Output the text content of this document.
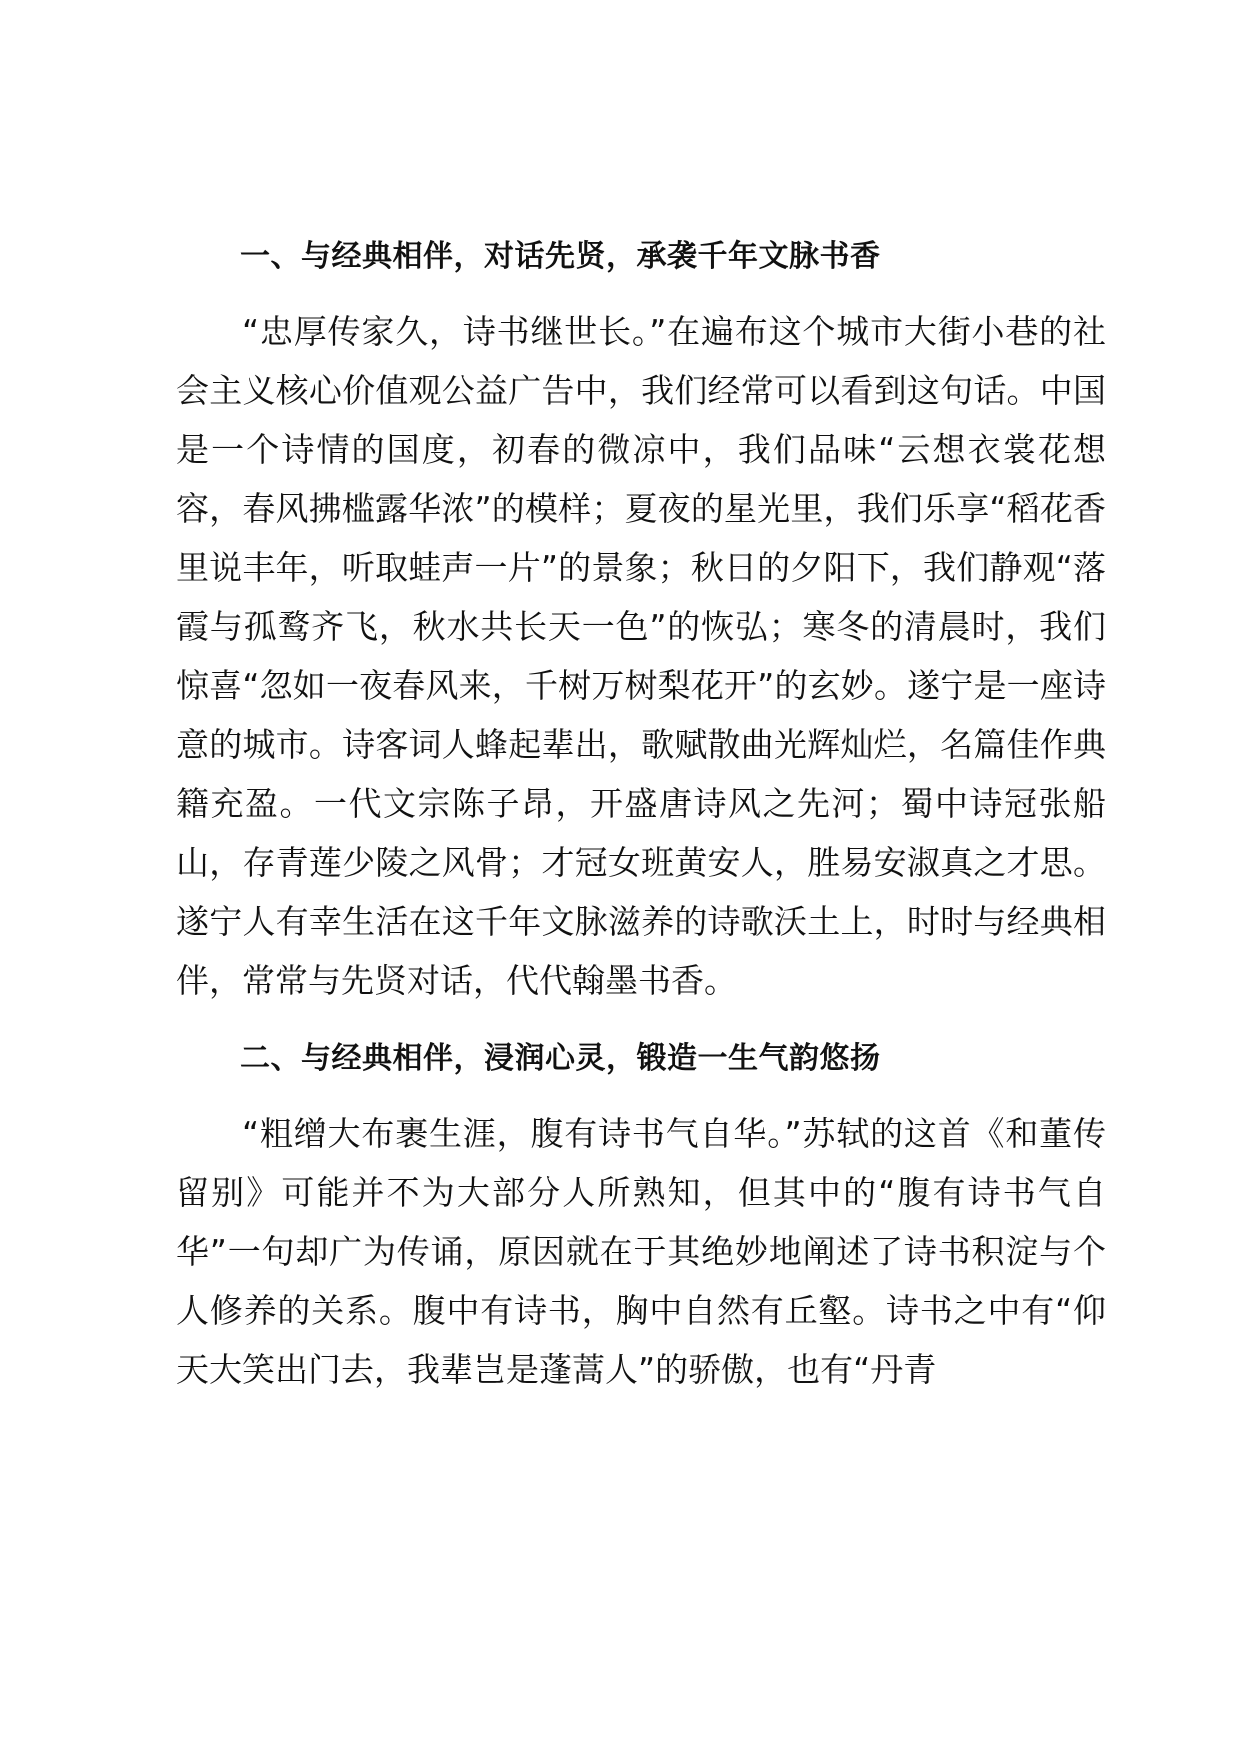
一、与经典相伴，对话先贤，承袭千年文脉书香

“忠厚传家久，诗书继世长。”在遍布这个城市大街小巷的社会主义核心价值观公益广告中，我们经常可以看到这句话。中国是一个诗情的国度，初春的微凉中，我们品味“云想衣裳花想容，春风拂槛露华浓”的模样；夏夜的星光里，我们乐享“稻花香里说丰年，听取蛙声一片”的景象；秋日的夕阳下，我们静观“落霞与孤鹜齐飞，秋水共长天一色”的恢弘；寒冬的清晨时，我们惊喜“忽如一夜春风来，千树万树梨花开”的玄妙。遂宁是一座诗意的城市。诗客词人蜂起辈出，歌赋散曲光辉灿烂，名篇佳作典籍充盈。一代文宗陈子昂，开盛唐诗风之先河；蜀中诗冠张船山，存青莲少陵之风骨；才冠女班黄安人，胜易安淑真之才思。遂宁人有幸生活在这千年文脉滋养的诗歌沃土上，时时与经典相伴，常常与先贤对话，代代翰墨书香。

二、与经典相伴，浸润心灵，锻造一生气韵悠扬

“粗缯大布裹生涯，腹有诗书气自华。”苏轼的这首《和董传留别》可能并不为大部分人所熟知，但其中的“腹有诗书气自华”一句却广为传诵，原因就在于其绝妙地阐述了诗书积淀与个人修养的关系。腹中有诗书，胸中自然有丘壑。诗书之中有“仰天大笑出门去，我辈岂是蓬蒿人”的骄傲，也有“丹青
